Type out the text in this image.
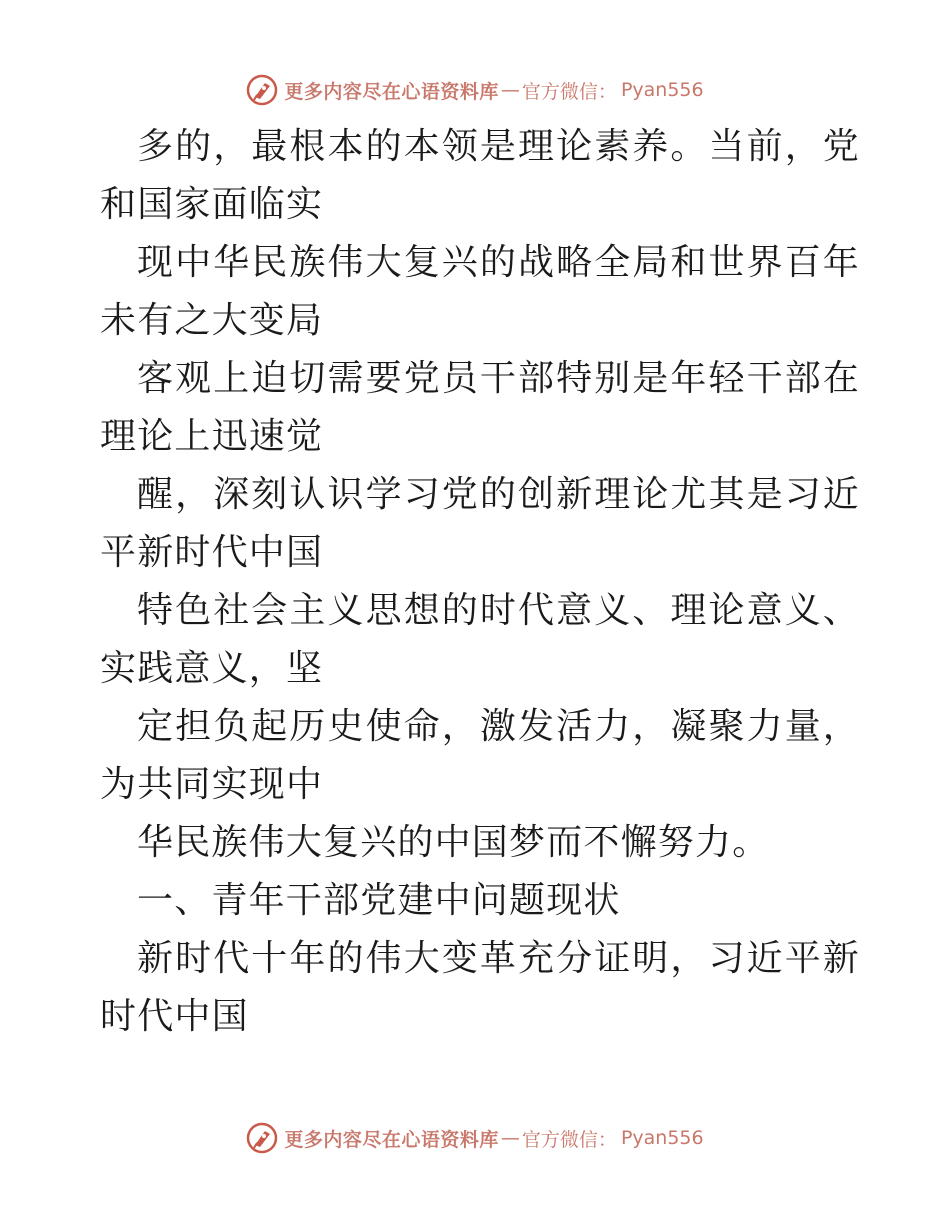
更多内容尽在心语资料库 — 官方微信： Pyan556

多的，最根本的本领是理论素养。当前，党和国家面临实

现中华民族伟大复兴的战略全局和世界百年未有之大变局

客观上迫切需要党员干部特别是年轻干部在理论上迅速觉

醒，深刻认识学习党的创新理论尤其是习近平新时代中国

特色社会主义思想的时代意义、理论意义、实践意义，坚

定担负起历史使命，激发活力，凝聚力量，为共同实现中

华民族伟大复兴的中国梦而不懈努力。

一、青年干部党建中问题现状

新时代十年的伟大变革充分证明，习近平新时代中国

更多内容尽在心语资料库 — 官方微信： Pyan556
